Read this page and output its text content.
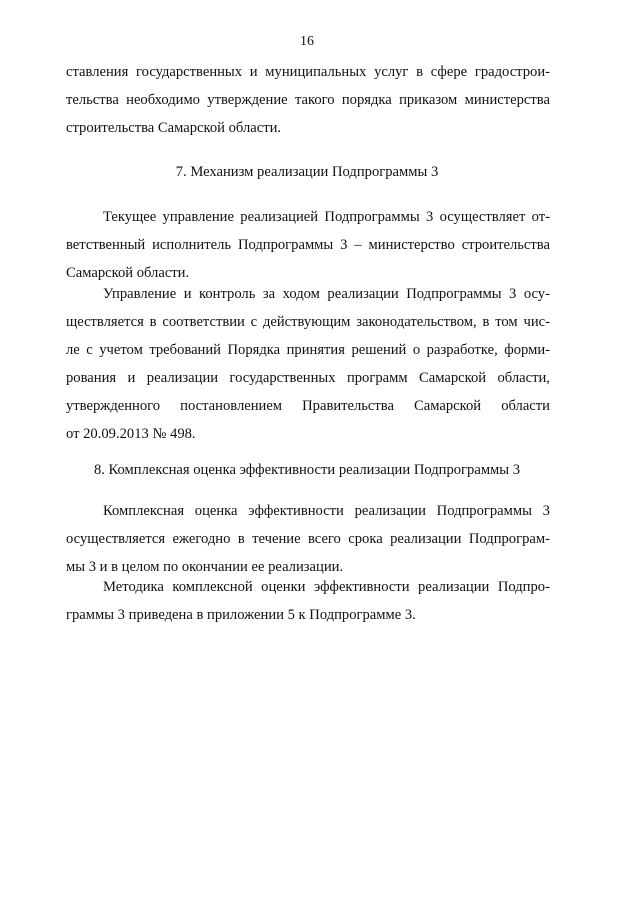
16
ставления государственных и муниципальных услуг в сфере градострои-
тельства необходимо утверждение такого порядка приказом министерства
строительства Самарской области.
7. Механизм реализации Подпрограммы 3
Текущее управление реализацией Подпрограммы 3 осуществляет от-
ветственный исполнитель Подпрограммы 3 – министерство строительства
Самарской области.
Управление и контроль за ходом реализации Подпрограммы 3 осу-
ществляется в соответствии с действующим законодательством, в том чис-
ле с учетом требований Порядка принятия решений о разработке, форми-
рования и реализации государственных программ Самарской области,
утвержденного постановлением Правительства Самарской области
от 20.09.2013 № 498.
8. Комплексная оценка эффективности реализации Подпрограммы 3
Комплексная оценка эффективности реализации Подпрограммы 3
осуществляется ежегодно в течение всего срока реализации Подпрограм-
мы 3 и в целом по окончании ее реализации.
Методика комплексной оценки эффективности реализации Подпро-
граммы 3 приведена в приложении 5 к Подпрограмме 3.
